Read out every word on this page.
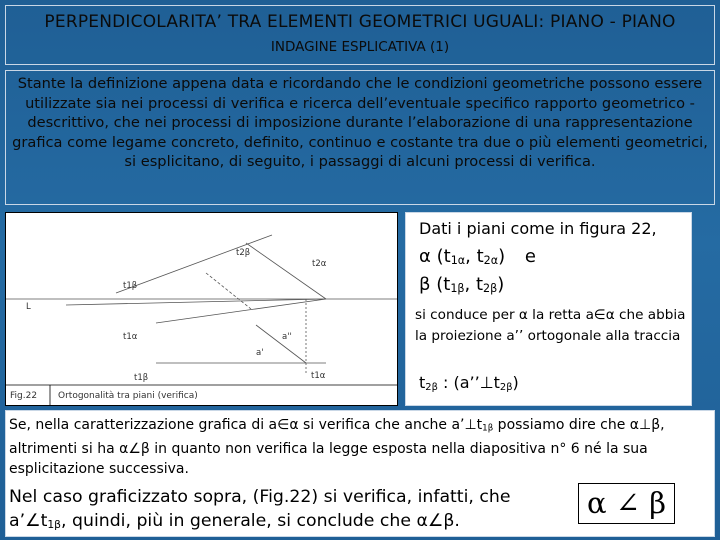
PERPENDICOLARITA’ TRA ELEMENTI GEOMETRICI UGUALI: PIANO - PIANO
INDAGINE ESPLICATIVA (1)
Stante la definizione appena data e ricordando che le condizioni geometriche possono essere utilizzate sia nei processi di verifica e ricerca dell’eventuale specifico rapporto geometrico - descrittivo, che nei processi di imposizione durante l’elaborazione di una rappresentazione grafica come legame concreto, definito, continuo e costante tra due o più elementi geometrici, si esplicitano, di seguito, i passaggi di alcuni processi di verifica.
t2β
t2α
t1β
t1α	a''
L
a'
t1β	t1α
Fig.22 Ortogonalità tra piani (verifica)
Dati i piani come in figura 22,
α ($t_{1\alpha}$, $t_{2\alpha}$) e
β ($t_{1\beta}$, $t_{2\beta}$)
si conduce per α la retta a∈α che abbia la proiezione a’’ ortogonale alla traccia
$t_{2\beta}$ : $(a’’\perp t_{2\beta})$
Se, nella caratterizzazione grafica di a∈α si verifica che anche $a’\perp t_{1\beta}$ possiamo dire che α⊥β, altrimenti si ha α∠β in quanto non verifica la legge esposta nella diapositiva n° 6 né la sua esplicitazione successiva.
Nel caso graficizzato sopra, (Fig.22) si verifica, infatti, che $a’\angle t_{1\beta}$, quindi, più in generale, si conclude che α∠β.
α ∠ β
